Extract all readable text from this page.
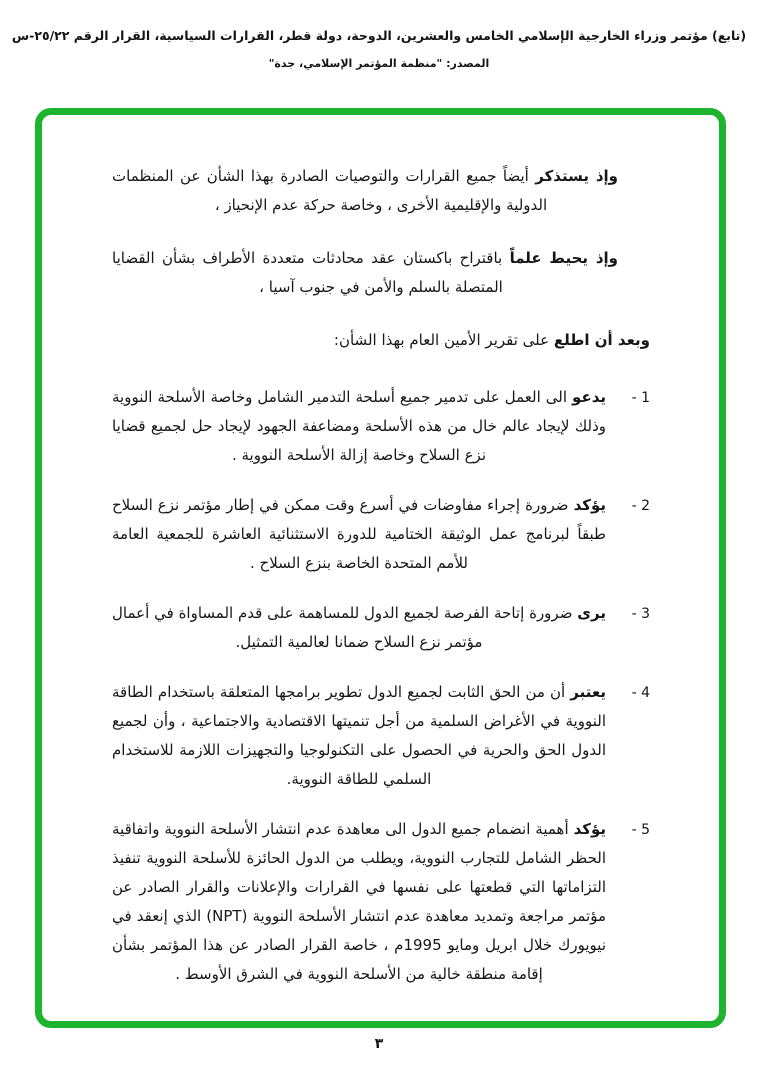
(تابع) مؤتمر وزراء الخارجية الإسلامي الخامس والعشرين، الدوحة، دولة قطر، القرارات السياسية، القرار الرقم ٢٥/٢٢-س
المصدر: "منظمة المؤتمر الإسلامي، جدة"

وإذ يستذكر أيضاً جميع القرارات والتوصيات الصادرة بهذا الشأن عن المنظمات الدولية والإقليمية الأخرى ، وخاصة حركة عدم الإنحياز ،

وإذ يحيط علماً باقتراح باكستان عقد محادثات متعددة الأطراف بشأن القضايا المتصلة بالسلم والأمن في جنوب آسيا ،

وبعد أن اطلع على تقرير الأمين العام بهذا الشأن:

- 1
يدعو الى العمل على تدمير جميع أسلحة التدمير الشامل وخاصة الأسلحة النووية وذلك لإيجاد عالم خال من هذه الأسلحة ومضاعفة الجهود لإيجاد حل لجميع قضايا نزع السلاح وخاصة إزالة الأسلحة النووية .
- 2
يؤكد ضرورة إجراء مفاوضات في أسرع وقت ممكن في إطار مؤتمر نزع السلاح طبقاً لبرنامج عمل الوثيقة الختامية للدورة الاستثنائية العاشرة للجمعية العامة للأمم المتحدة الخاصة بنزع السلاح .
- 3
يرى ضرورة إتاحة الفرصة لجميع الدول للمساهمة على قدم المساواة في أعمال مؤتمر نزع السلاح ضمانا لعالمية التمثيل.
- 4
يعتبر أن من الحق الثابت لجميع الدول تطوير برامجها المتعلقة باستخدام الطاقة النووية في الأغراض السلمية من أجل تنميتها الاقتصادية والاجتماعية ، وأن لجميع الدول الحق والحرية في الحصول على التكنولوجيا والتجهيزات اللازمة للاستخدام السلمي للطاقة النووية.
- 5
يؤكد أهمية انضمام جميع الدول الى معاهدة عدم انتشار الأسلحة النووية واتفاقية الحظر الشامل للتجارب النووية، ويطلب من الدول الحائزة للأسلحة النووية تنفيذ التزاماتها التي قطعتها على نفسها في القرارات والإعلانات والقرار الصادر عن مؤتمر مراجعة وتمديد معاهدة عدم انتشار الأسلحة النووية (NPT) الذي إنعقد في نيويورك خلال ابريل ومايو 1995م ، خاصة القرار الصادر عن هذا المؤتمر بشأن إقامة منطقة خالية من الأسلحة النووية في الشرق الأوسط .
٣
